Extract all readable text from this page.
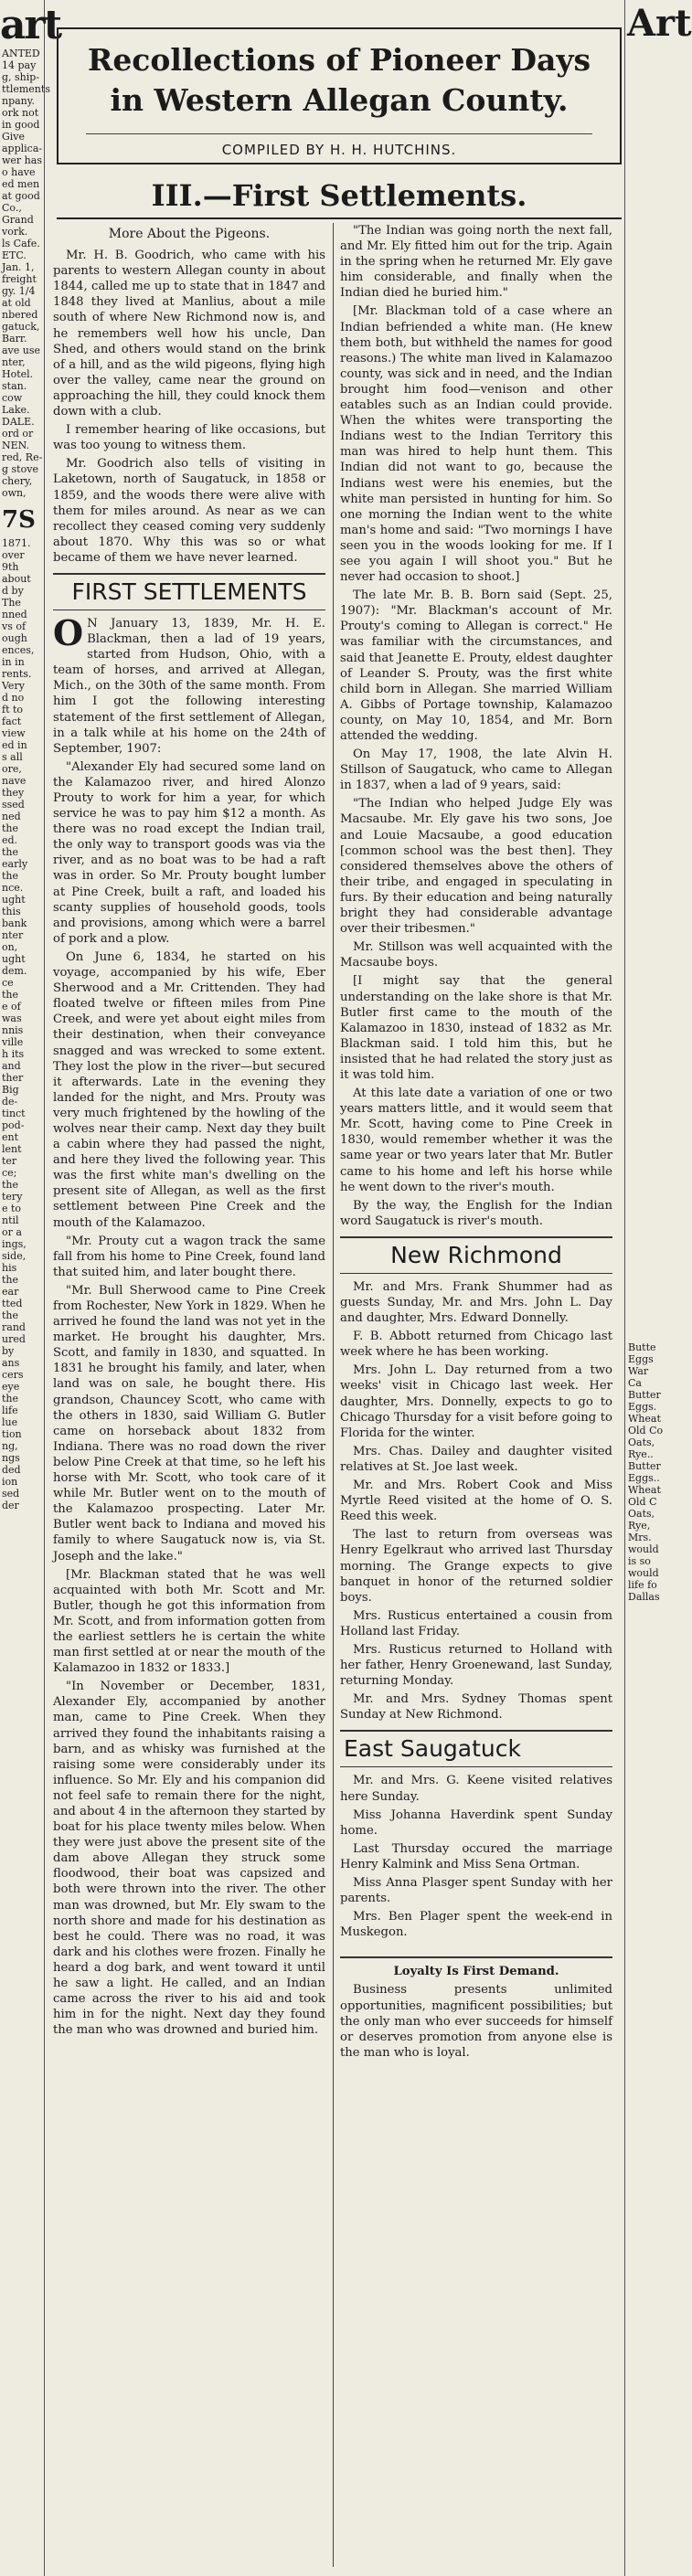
art
ANTED
14 pay
g, ship-
ttlements
npany.
ork not
in good
Give
applica-
wer has
o have
ed men
at good
Co.,
Grand
vork.
ls Cafe.
ETC.
Jan. 1,
freight
gy. 1/4
at old
nbered
gatuck,
Barr.
ave use
nter,
Hotel.
stan.
cow
Lake.
DALE.
ord or
NEN.
red, Re-
g stove
chery,
own,
7S
1871.
over
9th
about
d by
The
nned
vs of
ough
ences,
in in
rents.
Very
d no
ft to
fact
view
ed in
s all
ore,
nave
they
ssed
ned
the
ed.
the
early
the
nce.
ught
this
bank
nter
on,
ught
dem.
ce
the
e of
was
nnis
ville
h its
and
ther
Big
de-
tinct
pod-
ent
lent
ter
ce;
the
tery
e to
ntil
or a
ings,
side,
his
the
ear
tted
the
rand
ured
by
ans
cers
eye
the
life
lue
tion
ng,
ngs
ded
ion
sed
der
Art
Butte
Eggs
War
Ca
Butter
Eggs.
Wheat
Old Co
Oats,
Rye..
Butter
Eggs..
Wheat
Old C
Oats,
Rye,
Mrs.
would
is so
would
life fo
Dallas
Recollections of Pioneer Days
in Western Allegan County.
COMPILED BY H. H. HUTCHINS.
III.—First Settlements.
More About the Pigeons.

Mr. H. B. Goodrich, who came with his parents to western Allegan county in about 1844, called me up to state that in 1847 and 1848 they lived at Manlius, about a mile south of where New Richmond now is, and he remembers well how his uncle, Dan Shed, and others would stand on the brink of a hill, and as the wild pigeons, flying high over the valley, came near the ground on approaching the hill, they could knock them down with a club.

I remember hearing of like occasions, but was too young to witness them.

Mr. Goodrich also tells of visiting in Laketown, north of Saugatuck, in 1858 or 1859, and the woods there were alive with them for miles around. As near as we can recollect they ceased coming very suddenly about 1870. Why this was so or what became of them we have never learned.

FIRST SETTLEMENTS

O N January 13, 1839, Mr. H. E. Blackman, then a lad of 19 years, started from Hudson, Ohio, with a team of horses, and arrived at Allegan, Mich., on the 30th of the same month. From him I got the following interesting statement of the first settlement of Allegan, in a talk while at his home on the 24th of September, 1907:

"Alexander Ely had secured some land on the Kalamazoo river, and hired Alonzo Prouty to work for him a year, for which service he was to pay him $12 a month. As there was no road except the Indian trail, the only way to transport goods was via the river, and as no boat was to be had a raft was in order. So Mr. Prouty bought lumber at Pine Creek, built a raft, and loaded his scanty supplies of household goods, tools and provisions, among which were a barrel of pork and a plow.

On June 6, 1834, he started on his voyage, accompanied by his wife, Eber Sherwood and a Mr. Crittenden. They had floated twelve or fifteen miles from Pine Creek, and were yet about eight miles from their destination, when their conveyance snagged and was wrecked to some extent. They lost the plow in the river—but secured it afterwards. Late in the evening they landed for the night, and Mrs. Prouty was very much frightened by the howling of the wolves near their camp. Next day they built a cabin where they had passed the night, and here they lived the following year. This was the first white man's dwelling on the present site of Allegan, as well as the first settlement between Pine Creek and the mouth of the Kalamazoo.

"Mr. Prouty cut a wagon track the same fall from his home to Pine Creek, found land that suited him, and later bought there.

"Mr. Bull Sherwood came to Pine Creek from Rochester, New York in 1829. When he arrived he found the land was not yet in the market. He brought his daughter, Mrs. Scott, and family in 1830, and squatted. In 1831 he brought his family, and later, when land was on sale, he bought there. His grandson, Chauncey Scott, who came with the others in 1830, said William G. Butler came on horseback about 1832 from Indiana. There was no road down the river below Pine Creek at that time, so he left his horse with Mr. Scott, who took care of it while Mr. Butler went on to the mouth of the Kalamazoo prospecting. Later Mr. Butler went back to Indiana and moved his family to where Saugatuck now is, via St. Joseph and the lake."

[Mr. Blackman stated that he was well acquainted with both Mr. Scott and Mr. Butler, though he got this information from Mr. Scott, and from information gotten from the earliest settlers he is certain the white man first settled at or near the mouth of the Kalamazoo in 1832 or 1833.]

"In November or December, 1831, Alexander Ely, accompanied by another man, came to Pine Creek. When they arrived they found the inhabitants raising a barn, and as whisky was furnished at the raising some were considerably under its influence. So Mr. Ely and his companion did not feel safe to remain there for the night, and about 4 in the afternoon they started by boat for his place twenty miles below. When they were just above the present site of the dam above Allegan they struck some floodwood, their boat was capsized and both were thrown into the river. The other man was drowned, but Mr. Ely swam to the north shore and made for his destination as best he could. There was no road, it was dark and his clothes were frozen. Finally he heard a dog bark, and went toward it until he saw a light. He called, and an Indian came across the river to his aid and took him in for the night. Next day they found the man who was drowned and buried him.

"The Indian was going north the next fall, and Mr. Ely fitted him out for the trip. Again in the spring when he returned Mr. Ely gave him considerable, and finally when the Indian died he buried him."

[Mr. Blackman told of a case where an Indian befriended a white man. (He knew them both, but withheld the names for good reasons.) The white man lived in Kalamazoo county, was sick and in need, and the Indian brought him food—venison and other eatables such as an Indian could provide. When the whites were transporting the Indians west to the Indian Territory this man was hired to help hunt them. This Indian did not want to go, because the Indians west were his enemies, but the white man persisted in hunting for him. So one morning the Indian went to the white man's home and said: "Two mornings I have seen you in the woods looking for me. If I see you again I will shoot you." But he never had occasion to shoot.]

The late Mr. B. B. Born said (Sept. 25, 1907): "Mr. Blackman's account of Mr. Prouty's coming to Allegan is correct." He was familiar with the circumstances, and said that Jeanette E. Prouty, eldest daughter of Leander S. Prouty, was the first white child born in Allegan. She married William A. Gibbs of Portage township, Kalamazoo county, on May 10, 1854, and Mr. Born attended the wedding.

On May 17, 1908, the late Alvin H. Stillson of Saugatuck, who came to Allegan in 1837, when a lad of 9 years, said:

"The Indian who helped Judge Ely was Macsaube. Mr. Ely gave his two sons, Joe and Louie Macsaube, a good education [common school was the best then]. They considered themselves above the others of their tribe, and engaged in speculating in furs. By their education and being naturally bright they had considerable advantage over their tribesmen."

Mr. Stillson was well acquainted with the Macsaube boys.

[I might say that the general understanding on the lake shore is that Mr. Butler first came to the mouth of the Kalamazoo in 1830, instead of 1832 as Mr. Blackman said. I told him this, but he insisted that he had related the story just as it was told him.

At this late date a variation of one or two years matters little, and it would seem that Mr. Scott, having come to Pine Creek in 1830, would remember whether it was the same year or two years later that Mr. Butler came to his home and left his horse while he went down to the river's mouth.

By the way, the English for the Indian word Saugatuck is river's mouth.

New Richmond

Mr. and Mrs. Frank Shummer had as guests Sunday, Mr. and Mrs. John L. Day and daughter, Mrs. Edward Donnelly.

F. B. Abbott returned from Chicago last week where he has been working.

Mrs. John L. Day returned from a two weeks' visit in Chicago last week. Her daughter, Mrs. Donnelly, expects to go to Chicago Thursday for a visit before going to Florida for the winter.

Mrs. Chas. Dailey and daughter visited relatives at St. Joe last week.

Mr. and Mrs. Robert Cook and Miss Myrtle Reed visited at the home of O. S. Reed this week.

The last to return from overseas was Henry Egelkraut who arrived last Thursday morning. The Grange expects to give banquet in honor of the returned soldier boys.

Mrs. Rusticus entertained a cousin from Holland last Friday.

Mrs. Rusticus returned to Holland with her father, Henry Groenewand, last Sunday, returning Monday.

Mr. and Mrs. Sydney Thomas spent Sunday at New Richmond.

East Saugatuck

Mr. and Mrs. G. Keene visited relatives here Sunday.

Miss Johanna Haverdink spent Sunday home.

Last Thursday occured the marriage Henry Kalmink and Miss Sena Ortman.

Miss Anna Plasger spent Sunday with her parents.

Mrs. Ben Plager spent the week-end in Muskegon.

Loyalty Is First Demand.

Business presents unlimited opportunities, magnificent possibilities; but the only man who ever succeeds for himself or deserves promotion from anyone else is the man who is loyal.
